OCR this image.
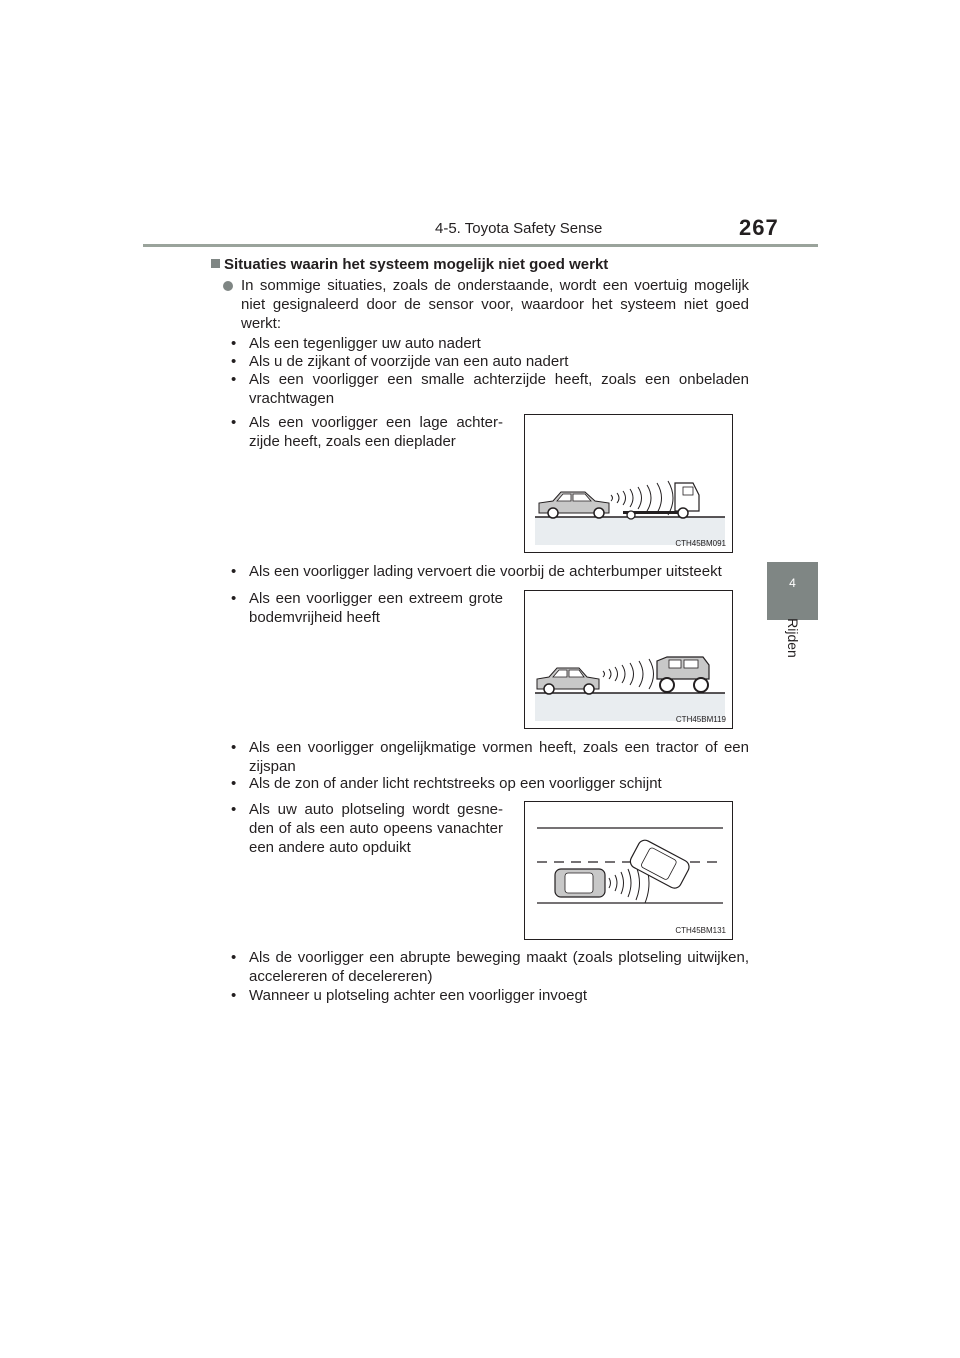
4-5. Toyota Safety Sense	267
4
Rijden
Situaties waarin het systeem mogelijk niet goed werkt
In sommige situaties, zoals de onderstaande, wordt een voertuig mogelijk niet gesignaleerd door de sensor voor, waardoor het systeem niet goed werkt:
• Als een tegenligger uw auto nadert
• Als u de zijkant of voorzijde van een auto nadert
• Als een voorligger een smalle achterzijde heeft, zoals een onbeladen vrachtwagen
• Als een voorligger een lage achter-zijde heeft, zoals een dieplader
CTH45BM091
• Als een voorligger lading vervoert die voorbij de achterbumper uitsteekt
• Als een voorligger een extreem grote bodemvrijheid heeft
CTH45BM119
• Als een voorligger ongelijkmatige vormen heeft, zoals een tractor of een zijspan
• Als de zon of ander licht rechtstreeks op een voorligger schijnt
• Als uw auto plotseling wordt gesne-den of als een auto opeens vanachter een andere auto opduikt
CTH45BM131
• Als de voorligger een abrupte beweging maakt (zoals plotseling uitwijken, accelereren of decelereren)
• Wanneer u plotseling achter een voorligger invoegt
